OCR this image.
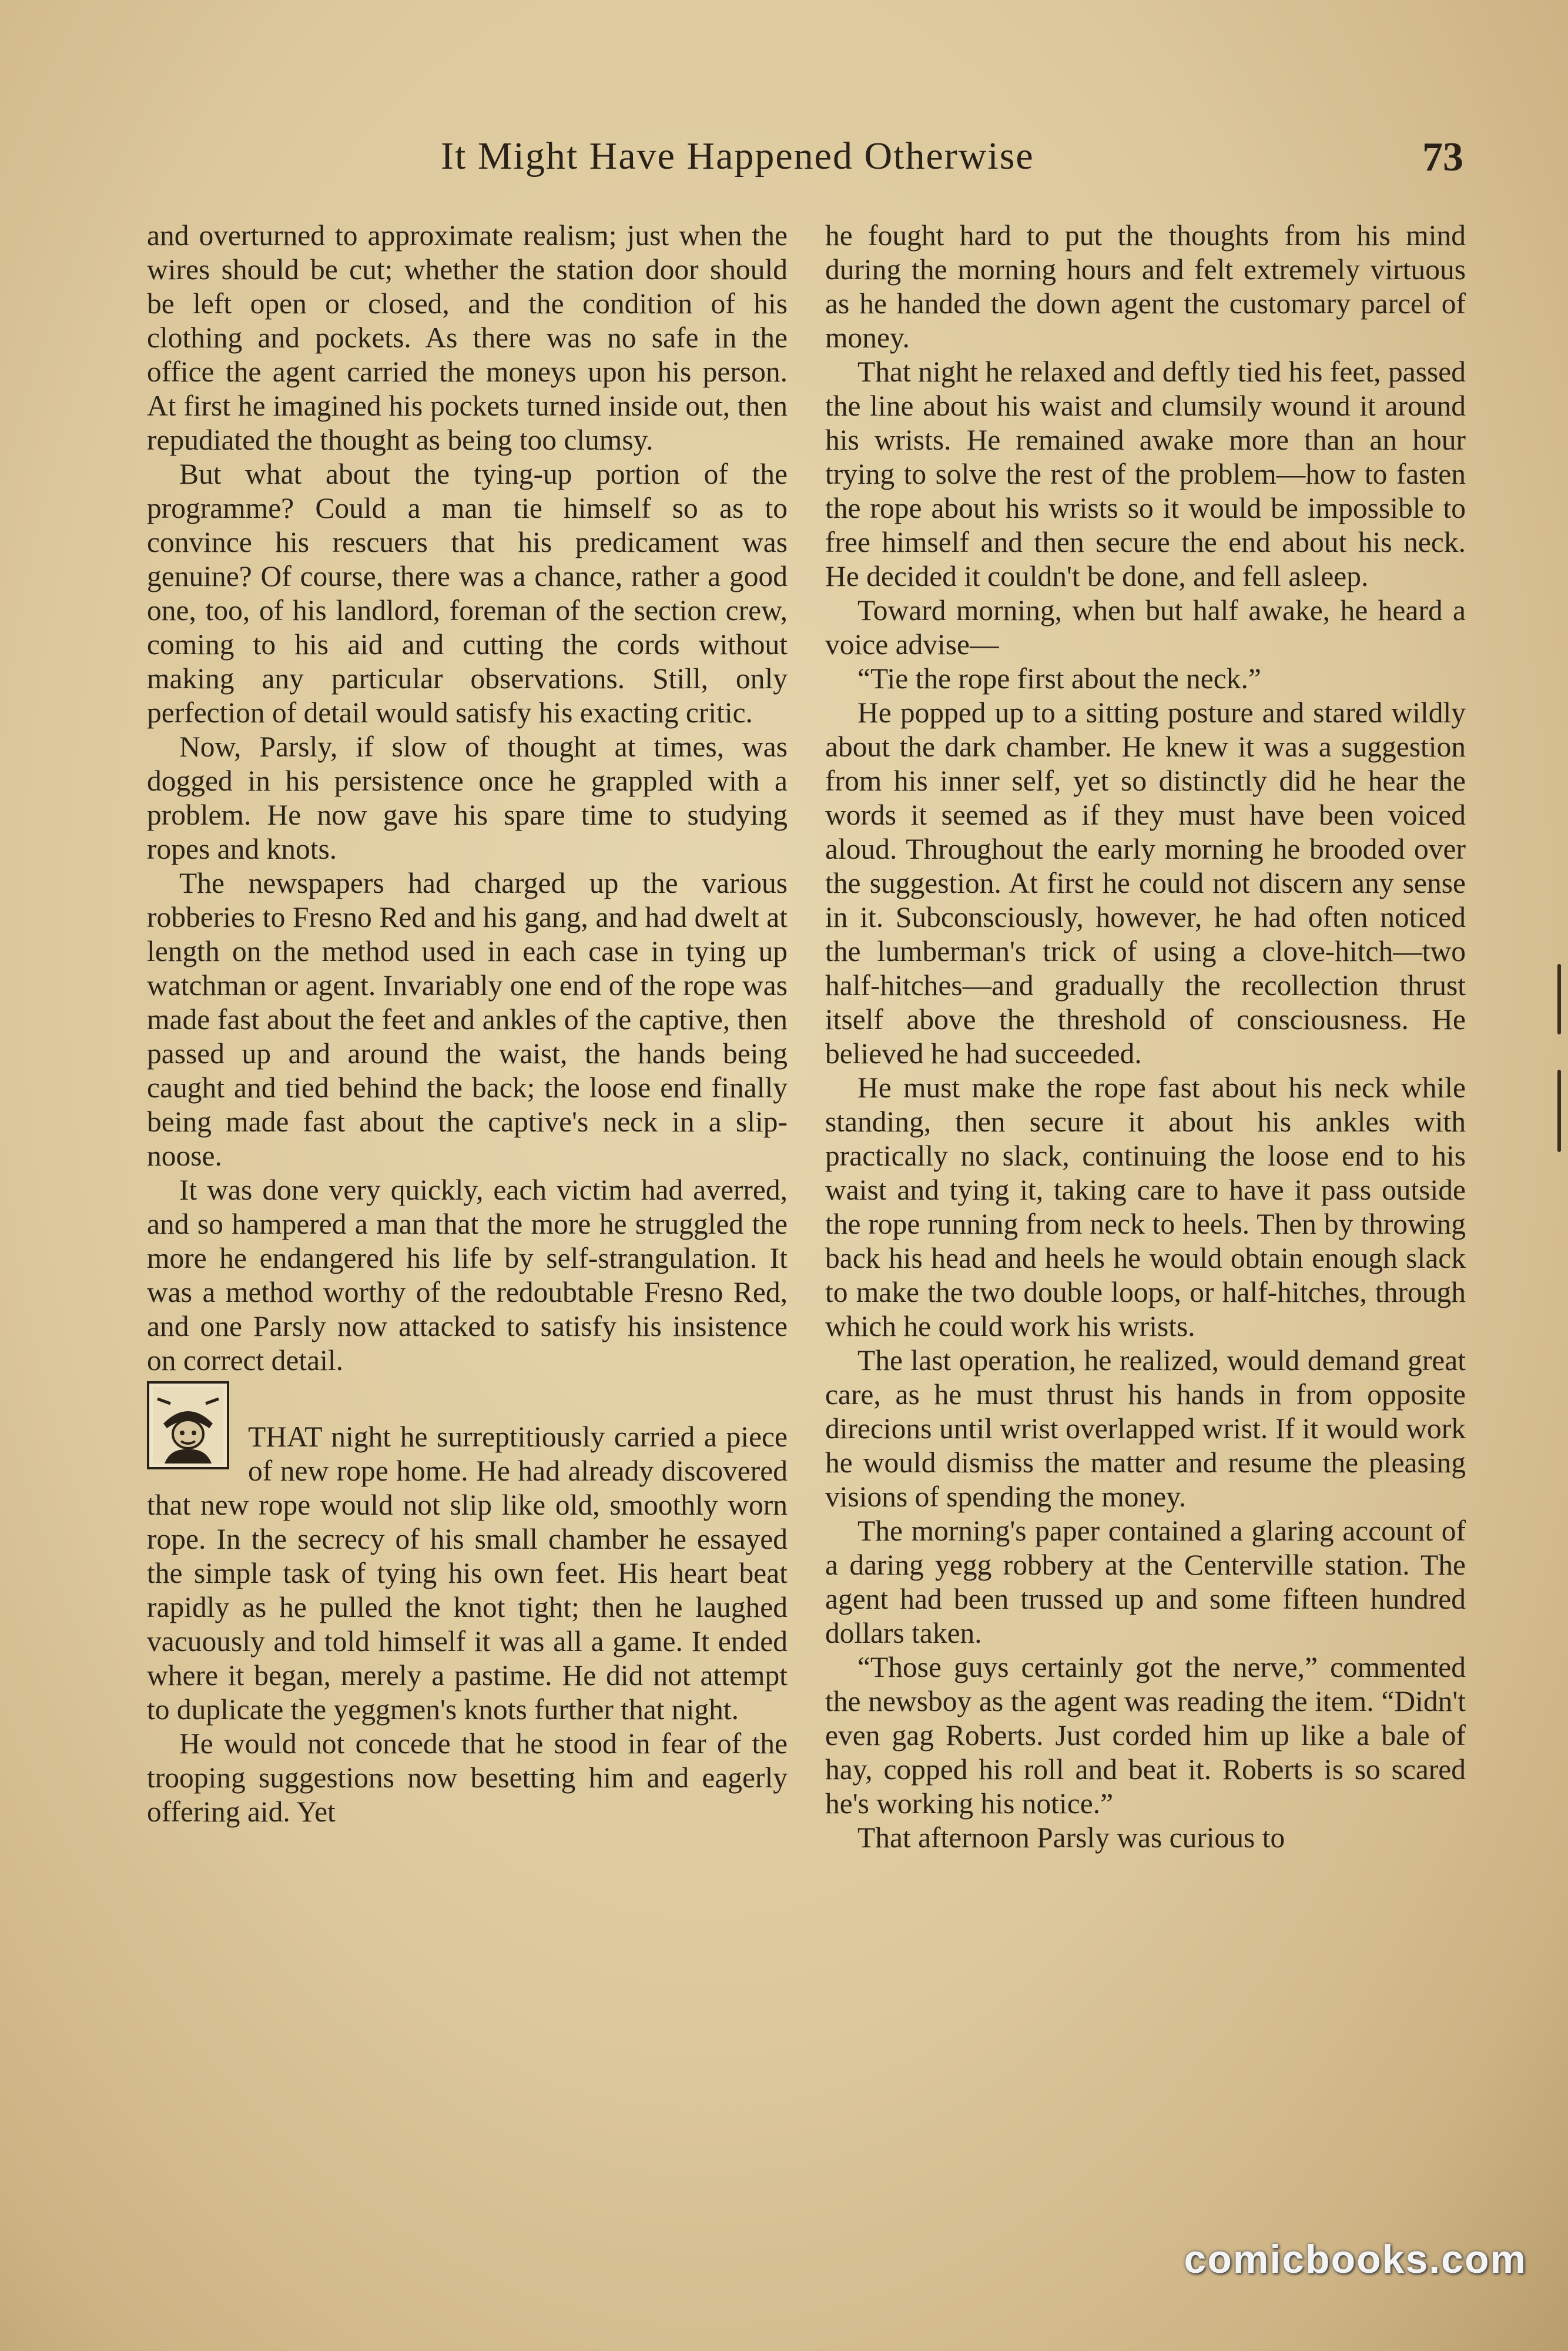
It Might Have Happened Otherwise	73

and overturned to approximate realism; just when the wires should be cut; whether the station door should be left open or closed, and the condition of his clothing and pockets. As there was no safe in the office the agent carried the moneys upon his person. At first he imagined his pockets turned inside out, then repudiated the thought as being too clumsy.

But what about the tying-up portion of the programme? Could a man tie himself so as to convince his rescuers that his predicament was genuine? Of course, there was a chance, rather a good one, too, of his landlord, foreman of the section crew, coming to his aid and cutting the cords without making any particular observations. Still, only perfection of detail would satisfy his exacting critic.

Now, Parsly, if slow of thought at times, was dogged in his persistence once he grappled with a problem. He now gave his spare time to studying ropes and knots.

The newspapers had charged up the various robberies to Fresno Red and his gang, and had dwelt at length on the method used in each case in tying up watchman or agent. Invariably one end of the rope was made fast about the feet and ankles of the captive, then passed up and around the waist, the hands being caught and tied behind the back; the loose end finally being made fast about the captive's neck in a slip-noose.

It was done very quickly, each victim had averred, and so hampered a man that the more he struggled the more he endangered his life by self-strangulation. It was a method worthy of the redoubtable Fresno Red, and one Parsly now attacked to satisfy his insistence on correct detail.

THAT night he surreptitiously carried a piece of new rope home. He had already discovered that new rope would not slip like old, smoothly worn rope. In the secrecy of his small chamber he essayed the simple task of tying his own feet. His heart beat rapidly as he pulled the knot tight; then he laughed vacuously and told himself it was all a game. It ended where it began, merely a pastime. He did not attempt to duplicate the yeggmen's knots further that night.

He would not concede that he stood in fear of the trooping suggestions now besetting him and eagerly offering aid. Yet

he fought hard to put the thoughts from his mind during the morning hours and felt extremely virtuous as he handed the down agent the customary parcel of money.

That night he relaxed and deftly tied his feet, passed the line about his waist and clumsily wound it around his wrists. He remained awake more than an hour trying to solve the rest of the problem—how to fasten the rope about his wrists so it would be impossible to free himself and then secure the end about his neck. He decided it couldn't be done, and fell asleep.

Toward morning, when but half awake, he heard a voice advise—

“Tie the rope first about the neck.”

He popped up to a sitting posture and stared wildly about the dark chamber. He knew it was a suggestion from his inner self, yet so distinctly did he hear the words it seemed as if they must have been voiced aloud. Throughout the early morning he brooded over the suggestion. At first he could not discern any sense in it. Subconsciously, however, he had often noticed the lumberman's trick of using a clove-hitch—two half-hitches—and gradually the recollection thrust itself above the threshold of consciousness. He believed he had succeeded.

He must make the rope fast about his neck while standing, then secure it about his ankles with practically no slack, continuing the loose end to his waist and tying it, taking care to have it pass outside the rope running from neck to heels. Then by throwing back his head and heels he would obtain enough slack to make the two double loops, or half-hitches, through which he could work his wrists.

The last operation, he realized, would demand great care, as he must thrust his hands in from opposite direcions until wrist overlapped wrist. If it would work he would dismiss the matter and resume the pleasing visions of spending the money.

The morning's paper contained a glaring account of a daring yegg robbery at the Centerville station. The agent had been trussed up and some fifteen hundred dollars taken.

“Those guys certainly got the nerve,” commented the newsboy as the agent was reading the item. “Didn't even gag Roberts. Just corded him up like a bale of hay, copped his roll and beat it. Roberts is so scared he's working his notice.”

That afternoon Parsly was curious to

comicbooks.com
